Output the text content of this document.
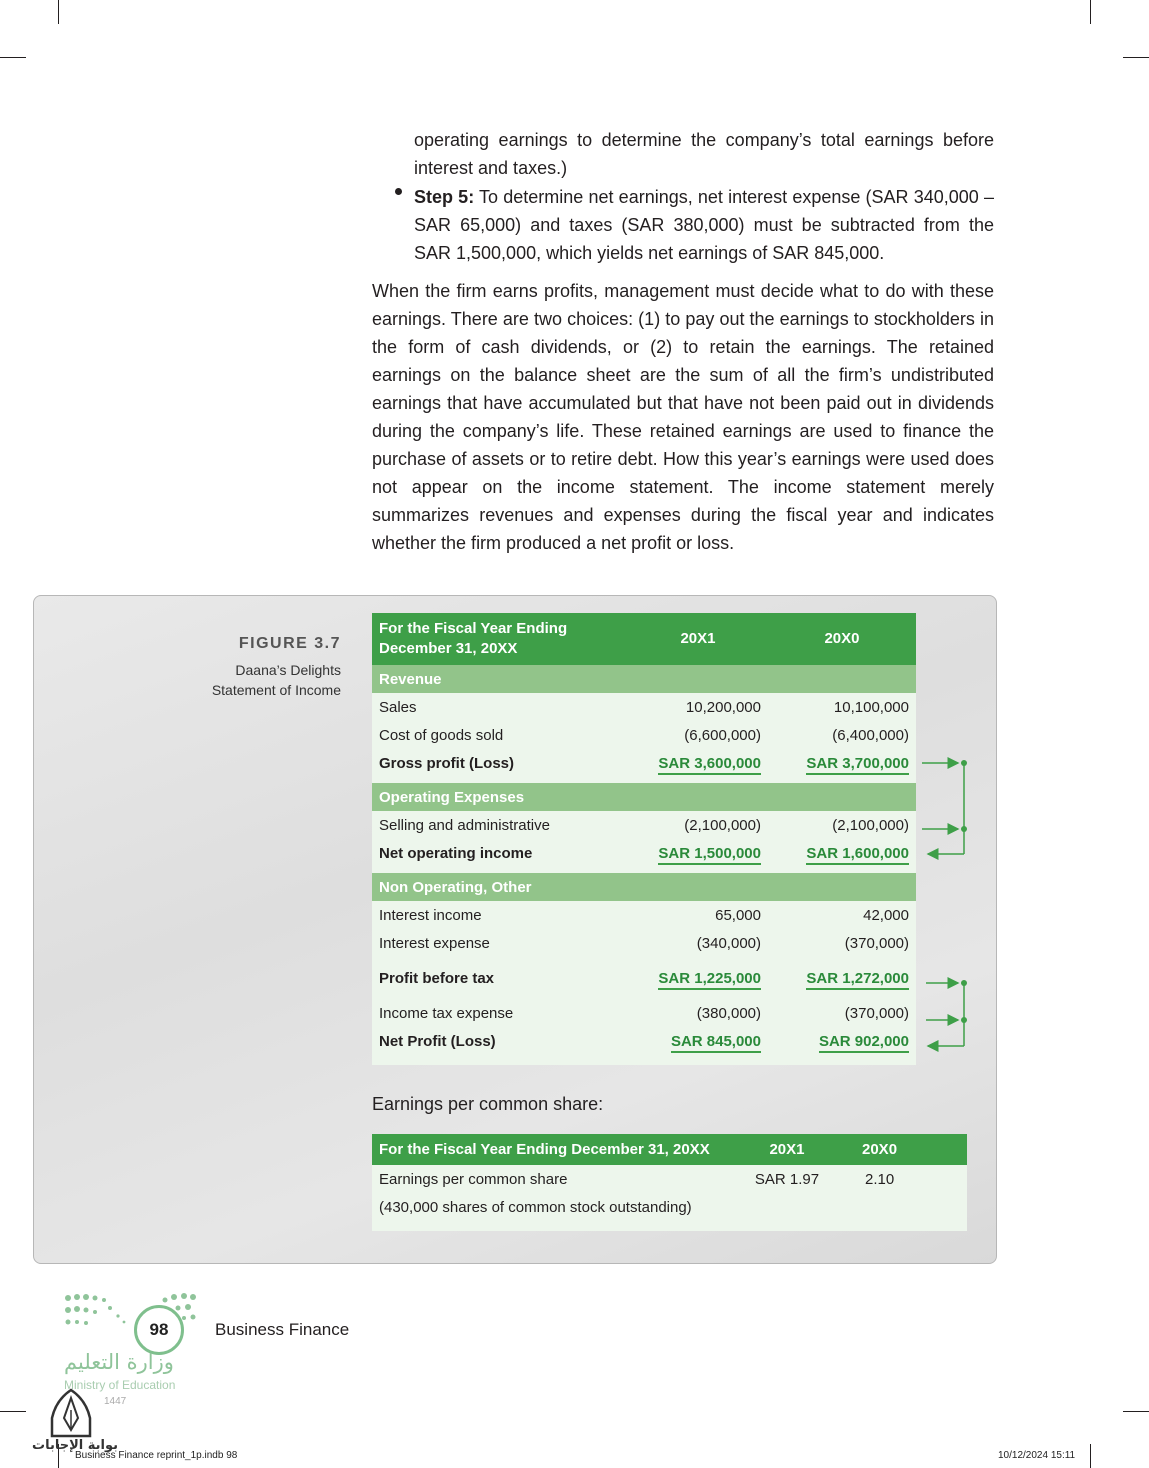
operating earnings to determine the company’s total earnings before interest and taxes.)
Step 5: To determine net earnings, net interest expense (SAR 340,000 – SAR 65,000) and taxes (SAR 380,000) must be subtracted from the SAR 1,500,000, which yields net earnings of SAR 845,000.
When the firm earns profits, management must decide what to do with these earnings. There are two choices: (1) to pay out the earnings to stockholders in the form of cash dividends, or (2) to retain the earnings. The retained earnings on the balance sheet are the sum of all the firm’s undistributed earnings that have accumulated but that have not been paid out in dividends during the company’s life. These retained earnings are used to finance the purchase of assets or to retire debt. How this year’s earnings were used does not appear on the income statement. The income statement merely summarizes revenues and expenses during the fiscal year and indicates whether the firm produced a net profit or loss.
FIGURE 3.7
Daana’s Delights
Statement of Income
For the Fiscal Year Ending
December 31, 20XX	20X1	20X0
Revenue		
Sales	10,200,000	10,100,000
Cost of goods sold	(6,600,000)	(6,400,000)
Gross profit (Loss)	SAR 3,600,000	SAR 3,700,000

Operating Expenses		
Selling and administrative	(2,100,000)	(2,100,000)
Net operating income	SAR 1,500,000	SAR 1,600,000

Non Operating, Other		
Interest income	65,000	42,000
Interest expense	(340,000)	(370,000)
Profit before tax	SAR 1,225,000	SAR 1,272,000
Income tax expense	(380,000)	(370,000)
Net Profit (Loss)	SAR 845,000	SAR 902,000
Earnings per common share:
For the Fiscal Year Ending December 31, 20XX	20X1	20X0
Earnings per common share	SAR 1.97	2.10
(430,000 shares of common stock outstanding)		
98	Business Finance
وزارة التعليم
Ministry of Education
1447
بوابة الإجابات
Business Finance reprint_1p.indb 98	10/12/2024 15:11
